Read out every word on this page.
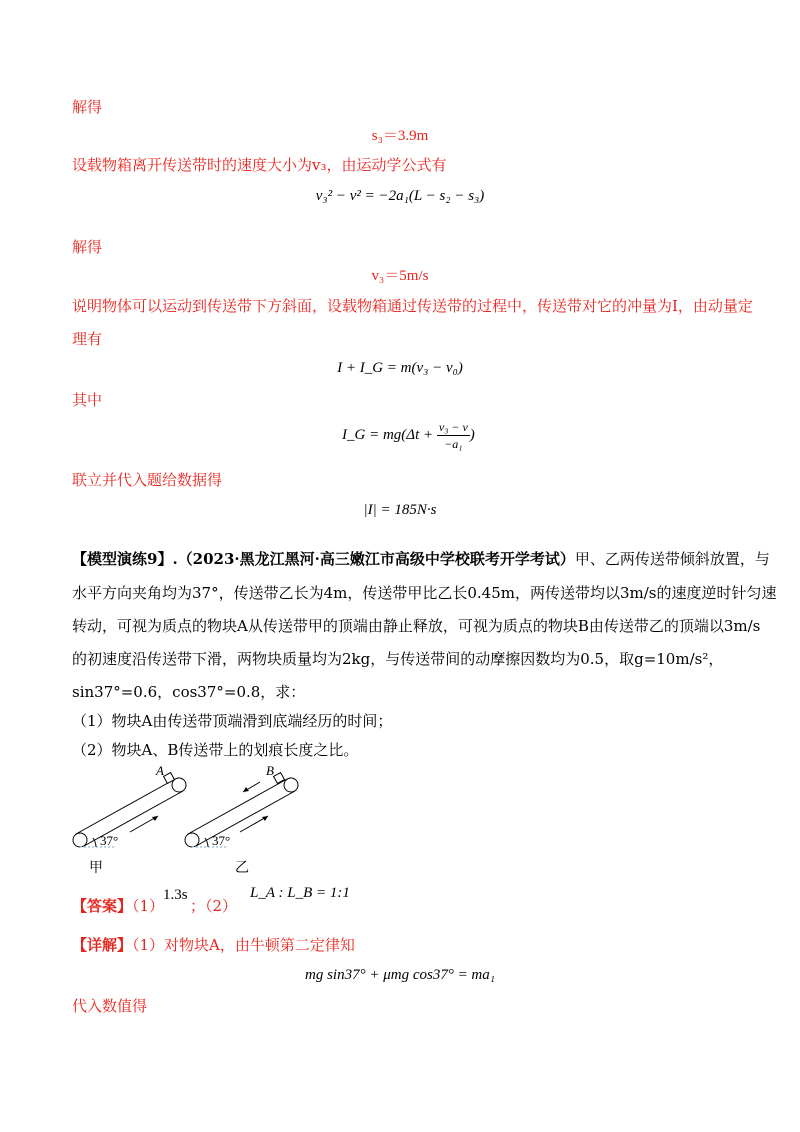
解得
s₃＝3.9m
设载物箱离开传送带时的速度大小为v₃，由运动学公式有
v₃² − v² = −2a₁(L − s₂ − s₃)
解得
v₃＝5m/s
说明物体可以运动到传送带下方斜面，设载物箱通过传送带的过程中，传送带对它的冲量为I，由动量定
理有
I + I_G = m(v₃ − v₀)
其中
I_G = $mg(\Delta t + \frac{\text{v₃ − v}}{\text{−a₁}}$ )
联立并代入题给数据得
|I| = 185N·s
【模型演练9】.（2023·黑龙江黑河·高三嫩江市高级中学校联考开学考试）甲、乙两传送带倾斜放置，与
水平方向夹角均为37°，传送带乙长为4m，传送带甲比乙长0.45m，两传送带均以3m/s的速度逆时针匀速
转动，可视为质点的物块A从传送带甲的顶端由静止释放，可视为质点的物块B由传送带乙的顶端以3m/s
的初速度沿传送带下滑，两物块质量均为2kg，与传送带间的动摩擦因数均为0.5，取g=10m/s²，
sin37°=0.6，cos37°=0.8，求：
（1）物块A由传送带顶端滑到底端经历的时间；
（2）物块A、B传送带上的划痕长度之比。
A
37°
B
37°
甲	乙
【答案】（1）
1.3s
；（2）
L_A : L_B = 1:1
【详解】（1）对物块A，由牛顿第二定律知
mg sin37° + μmg cos37° = ma₁
代入数值得
